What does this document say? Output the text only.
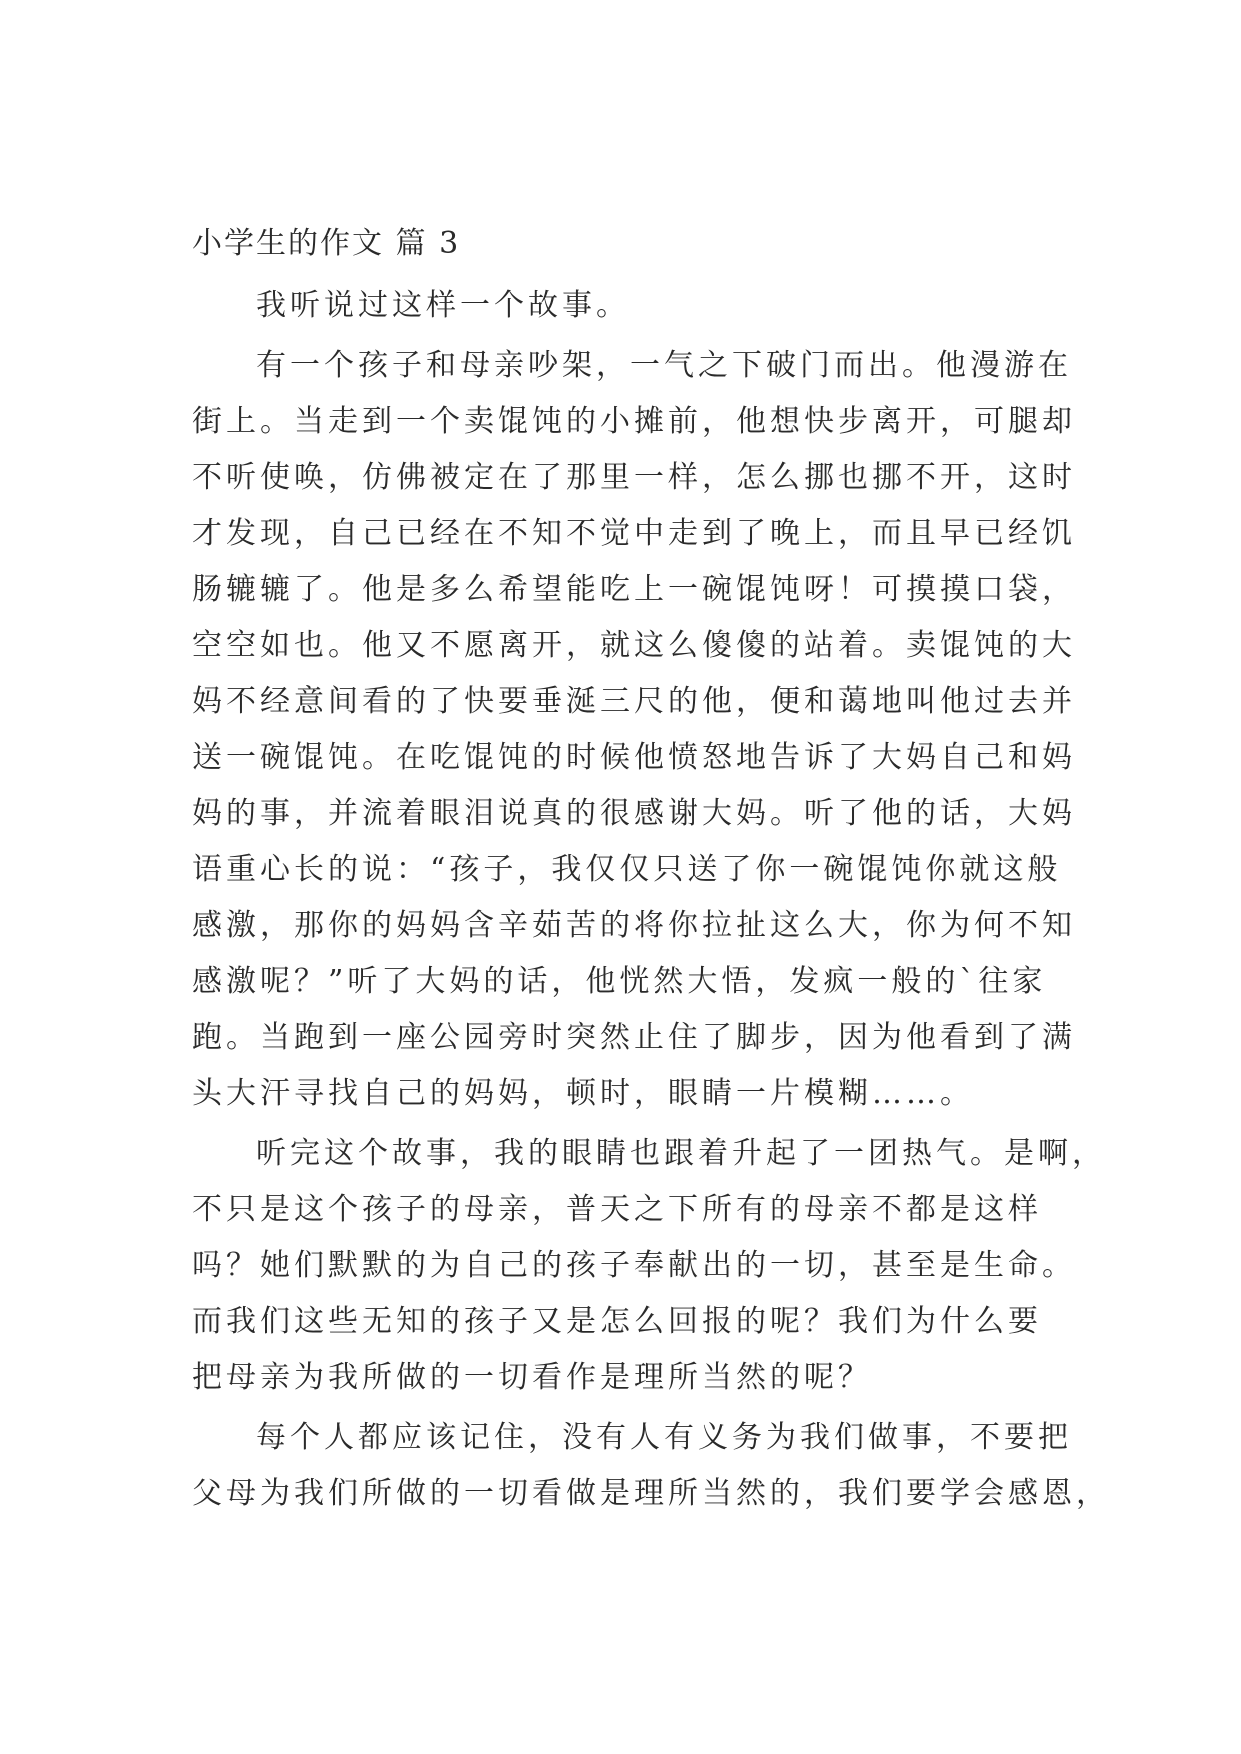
小学生的作文 篇 3
我听说过这样一个故事。
有一个孩子和母亲吵架，一气之下破门而出。他漫游在
街上。当走到一个卖馄饨的小摊前，他想快步离开，可腿却
不听使唤，仿佛被定在了那里一样，怎么挪也挪不开，这时
才发现，自己已经在不知不觉中走到了晚上，而且早已经饥
肠辘辘了。他是多么希望能吃上一碗馄饨呀！可摸摸口袋，
空空如也。他又不愿离开，就这么傻傻的站着。卖馄饨的大
妈不经意间看的了快要垂涎三尺的他，便和蔼地叫他过去并
送一碗馄饨。在吃馄饨的时候他愤怒地告诉了大妈自己和妈
妈的事，并流着眼泪说真的很感谢大妈。听了他的话，大妈
语重心长的说：“孩子，我仅仅只送了你一碗馄饨你就这般
感激，那你的妈妈含辛茹苦的将你拉扯这么大，你为何不知
感激呢？”听了大妈的话，他恍然大悟，发疯一般的`往家
跑。当跑到一座公园旁时突然止住了脚步，因为他看到了满
头大汗寻找自己的妈妈，顿时，眼睛一片模糊……。
听完这个故事，我的眼睛也跟着升起了一团热气。是啊，
不只是这个孩子的母亲，普天之下所有的母亲不都是这样
吗？她们默默的为自己的孩子奉献出的一切，甚至是生命。
而我们这些无知的孩子又是怎么回报的呢？我们为什么要
把母亲为我所做的一切看作是理所当然的呢？
每个人都应该记住，没有人有义务为我们做事，不要把
父母为我们所做的一切看做是理所当然的，我们要学会感恩，
